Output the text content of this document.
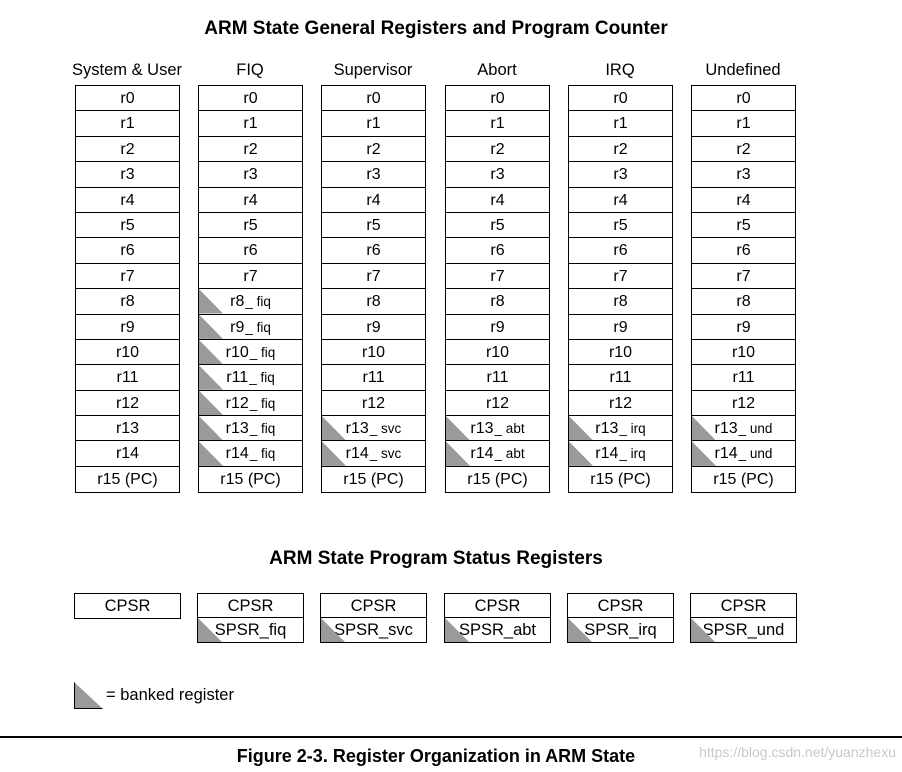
ARM State General Registers and Program Counter
System & User
r0
r1
r2
r3
r4
r5
r6
r7
r8
r9
r10
r11
r12
r13
r14
r15 (PC)
FIQ
r0
r1
r2
r3
r4
r5
r6
r7
r8_ fiq
r9_ fiq
r10_ fiq
r11_ fiq
r12_ fiq
r13_ fiq
r14_ fiq
r15 (PC)
Supervisor
r0
r1
r2
r3
r4
r5
r6
r7
r8
r9
r10
r11
r12
r13_ svc
r14_ svc
r15 (PC)
Abort
r0
r1
r2
r3
r4
r5
r6
r7
r8
r9
r10
r11
r12
r13_ abt
r14_ abt
r15 (PC)
IRQ
r0
r1
r2
r3
r4
r5
r6
r7
r8
r9
r10
r11
r12
r13_ irq
r14_ irq
r15 (PC)
Undefined
r0
r1
r2
r3
r4
r5
r6
r7
r8
r9
r10
r11
r12
r13_ und
r14_ und
r15 (PC)
ARM State Program Status Registers
CPSR	CPSR
SPSR_fiq
CPSR
SPSR_svc
CPSR
SPSR_abt
CPSR
SPSR_irq
CPSR
SPSR_und
= banked register
Figure 2-3. Register Organization in ARM State	https://blog.csdn.net/yuanzhexu
